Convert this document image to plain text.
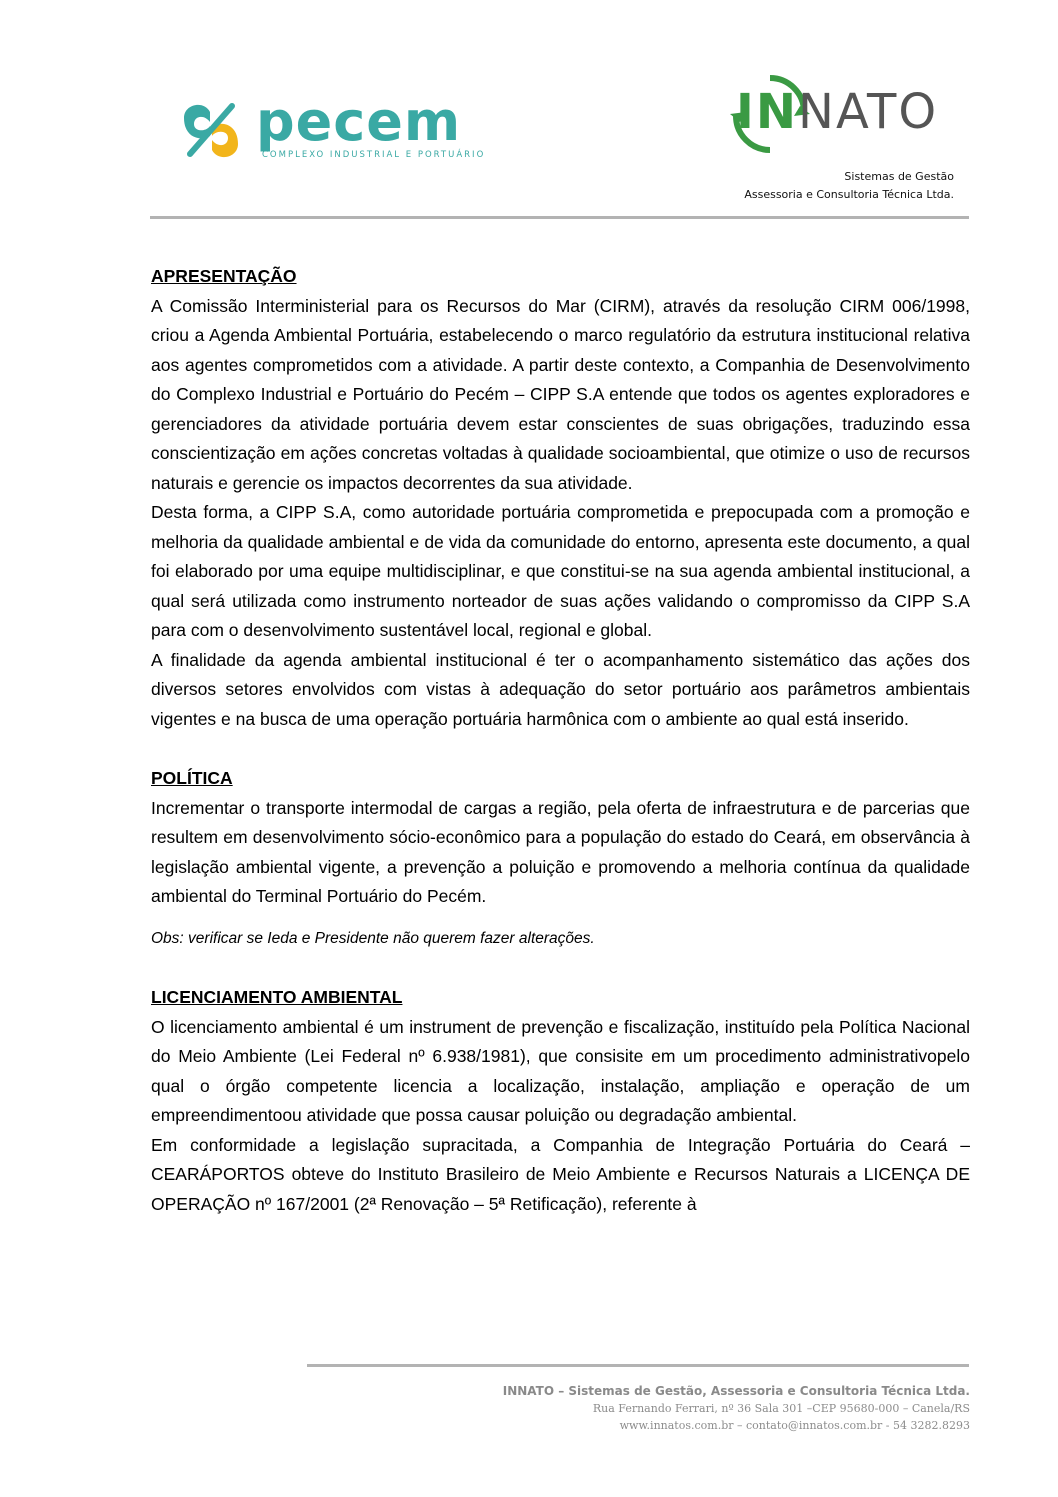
pecem
COMPLEXO INDUSTRIAL E PORTUÁRIO
INNATO
Sistemas de Gestão
Assessoria e Consultoria Técnica Ltda.

APRESENTAÇÃO

A Comissão Interministerial para os Recursos do Mar (CIRM), através da resolução CIRM 006/1998, criou a Agenda Ambiental Portuária, estabelecendo o marco regulatório da estrutura institucional relativa aos agentes comprometidos com a atividade. A partir deste contexto, a Companhia de Desenvolvimento do Complexo Industrial e Portuário do Pecém – CIPP S.A entende que todos os agentes exploradores e gerenciadores da atividade portuária devem estar conscientes de suas obrigações, traduzindo essa conscientização em ações concretas voltadas à qualidade socioambiental, que otimize o uso de recursos naturais e gerencie os impactos decorrentes da sua atividade.

Desta forma, a CIPP S.A, como autoridade portuária comprometida e prepocupada com a promoção e melhoria da qualidade ambiental e de vida da comunidade do entorno, apresenta este documento, a qual foi elaborado por uma equipe multidisciplinar, e que constitui-se na sua agenda ambiental institucional, a qual será utilizada como instrumento norteador de suas ações validando o compromisso da CIPP S.A para com o desenvolvimento sustentável local, regional e global.

A finalidade da agenda ambiental institucional é ter o acompanhamento sistemático das ações dos diversos setores envolvidos com vistas à adequação do setor portuário aos parâmetros ambientais vigentes e na busca de uma operação portuária harmônica com o ambiente ao qual está inserido.

POLÍTICA

Incrementar o transporte intermodal de cargas a região, pela oferta de infraestrutura e de parcerias que resultem em desenvolvimento sócio-econômico para a população do estado do Ceará, em observância à legislação ambiental vigente, a prevenção a poluição e promovendo a melhoria contínua da qualidade ambiental do Terminal Portuário do Pecém.

Obs: verificar se Ieda e Presidente não querem fazer alterações.

LICENCIAMENTO AMBIENTAL

O licenciamento ambiental é um instrument de prevenção e fiscalização, instituído pela Política Nacional do Meio Ambiente (Lei Federal nº 6.938/1981), que consisite em um procedimento administrativopelo qual o órgão competente licencia a localização, instalação, ampliação e operação de um empreendimentoou atividade que possa causar poluição ou degradação ambiental.

Em conformidade a legislação supracitada, a Companhia de Integração Portuária do Ceará – CEARÁPORTOS obteve do Instituto Brasileiro de Meio Ambiente e Recursos Naturais a LICENÇA DE OPERAÇÃO nº 167/2001 (2ª Renovação – 5ª Retificação), referente à

INNATO – Sistemas de Gestão, Assessoria e Consultoria Técnica Ltda.
Rua Fernando Ferrari, nº 36 Sala 301 –CEP 95680-000 – Canela/RS
www.innatos.com.br – contato@innatos.com.br - 54 3282.8293
